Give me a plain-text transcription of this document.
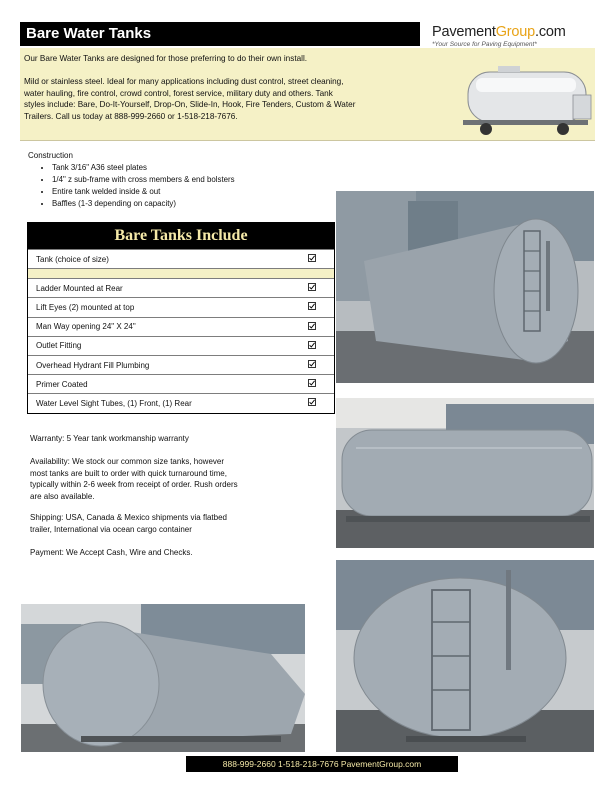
Bare Water Tanks	PavementGroup.com
*Your Source for Paving Equipment*
Our Bare Water Tanks are designed for those preferring to do their own install.
Mild or stainless steel. Ideal for many applications including dust control, street cleaning,
water hauling, fire control, crowd control, forest service, military duty and others. Tank
styles include: Bare, Do-It-Yourself, Drop-On, Slide-In, Hook, Fire Tenders, Custom & Water
Trailers. Call us today at 888-999-2660 or 1-518-218-7676.
Construction
• Tank 3/16" A36 steel plates
• 1/4" z sub-frame with cross members & end bolsters
• Entire tank welded inside & out
• Baffles (1-3 depending on capacity)
Bare Tanks Include
Tank (choice of size)
Ladder Mounted at Rear
Lift Eyes (2) mounted at top
Man Way opening 24" X 24"
Outlet Fitting
Overhead Hydrant Fill Plumbing
Primer Coated
Water Level Sight Tubes, (1) Front, (1) Rear
Warranty: 5 Year tank workmanship warranty
Availability: We stock our common size tanks, however
most tanks are built to order with quick turnaround time,
typically within 2-6 week from receipt of order. Rush orders
are also available.
Shipping: USA, Canada & Mexico shipments via flatbed
trailer, International via ocean cargo container
Payment: We Accept Cash, Wire and Checks.
888-999-2660 1-518-218-7676 PavementGroup.com
